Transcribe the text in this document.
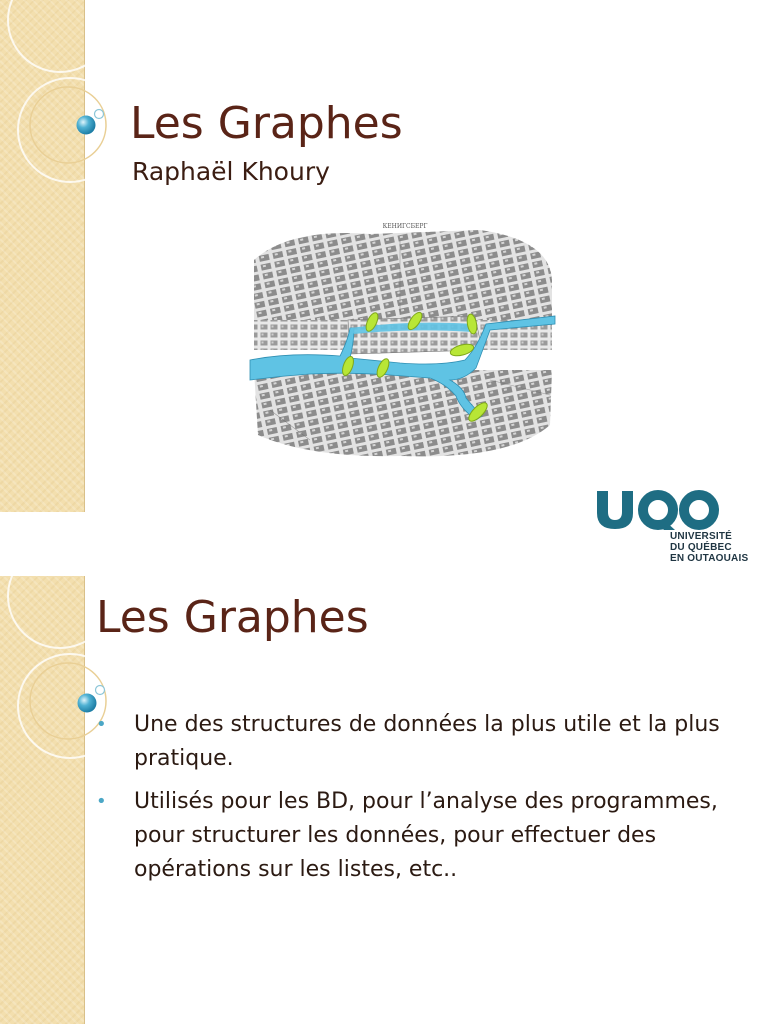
Les Graphes

Raphaël Khoury

КЕНИГСБЕРГ
UQO
UNIVERSITÉ
DU QUÉBEC
EN OUTAOUAIS
Les Graphes
• Une des structures de données la plus utile et la plus pratique.
• Utilisés pour les BD, pour l’analyse des programmes, pour structurer les données, pour effectuer des opérations sur les listes, etc..
